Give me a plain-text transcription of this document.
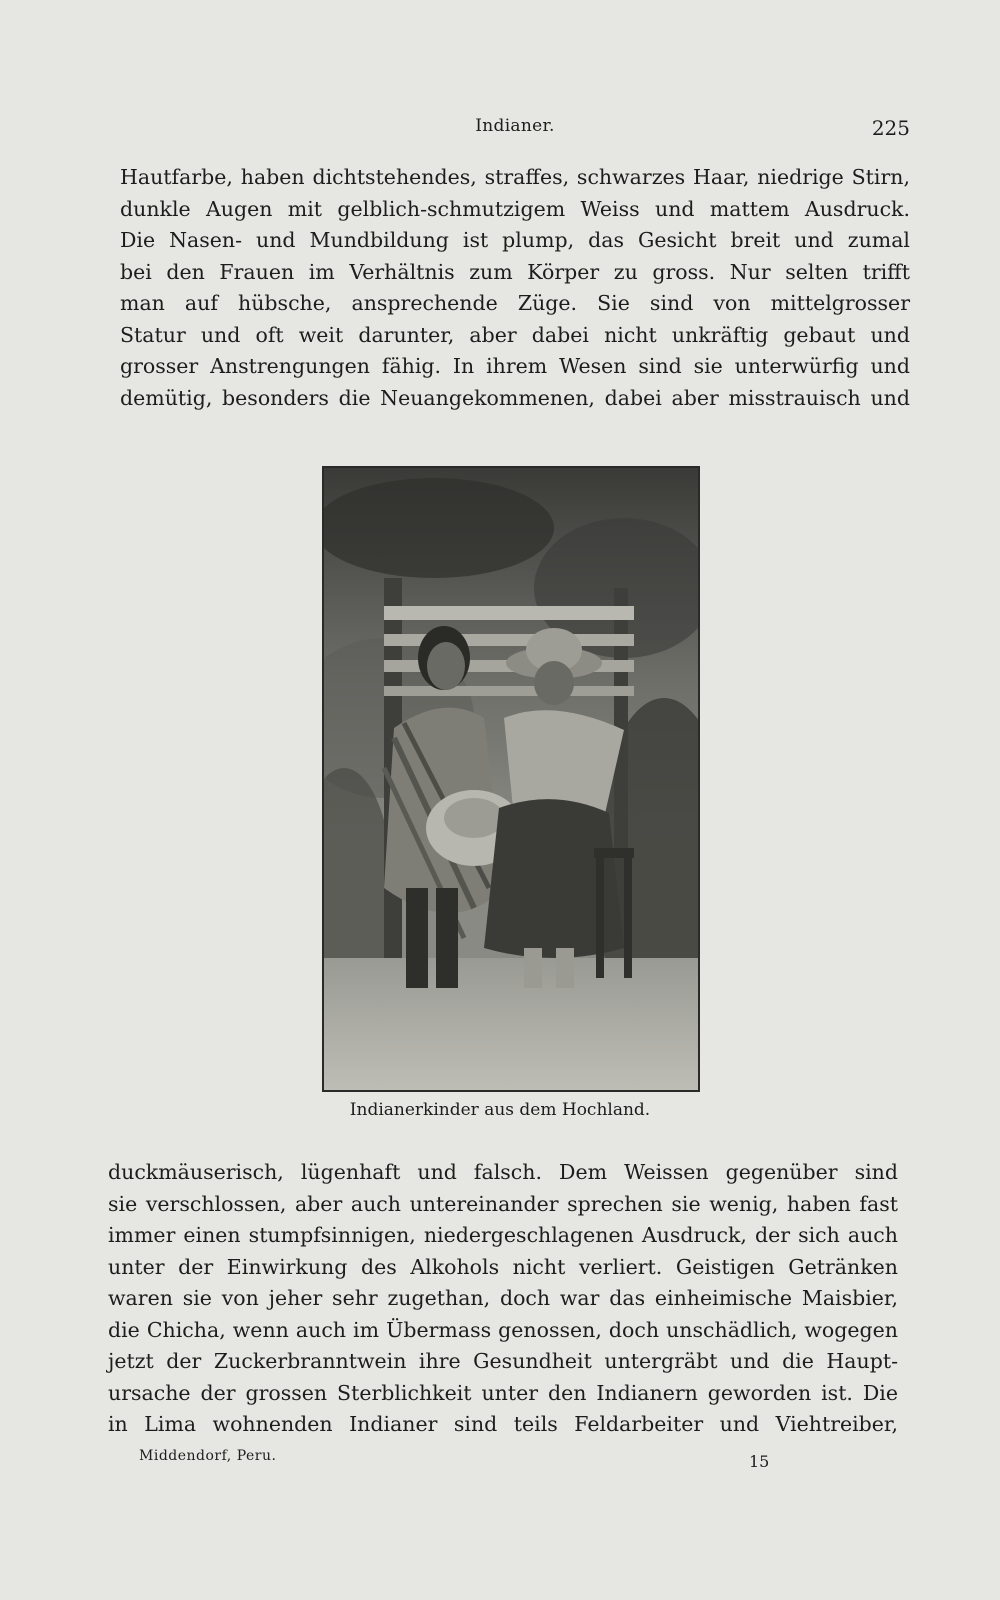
Indianer.	225
Hautfarbe, haben dichtstehendes, straffes, schwarzes Haar, niedrige Stirn,
dunkle Augen mit gelblich-schmutzigem Weiss und mattem Ausdruck.
Die Nasen- und Mundbildung ist plump, das Gesicht breit und zumal
bei den Frauen im Verhältnis zum Körper zu gross. Nur selten trifft
man auf hübsche, ansprechende Züge. Sie sind von mittelgrosser
Statur und oft weit darunter, aber dabei nicht unkräftig gebaut und
grosser Anstrengungen fähig. In ihrem Wesen sind sie unterwürfig und
demütig, besonders die Neuangekommenen, dabei aber misstrauisch und
Indianerkinder aus dem Hochland.
duckmäuserisch, lügenhaft und falsch. Dem Weissen gegenüber sind
sie verschlossen, aber auch untereinander sprechen sie wenig, haben fast
immer einen stumpfsinnigen, niedergeschlagenen Ausdruck, der sich auch
unter der Einwirkung des Alkohols nicht verliert. Geistigen Getränken
waren sie von jeher sehr zugethan, doch war das einheimische Maisbier,
die Chicha, wenn auch im Übermass genossen, doch unschädlich, wogegen
jetzt der Zuckerbranntwein ihre Gesundheit untergräbt und die Haupt-
ursache der grossen Sterblichkeit unter den Indianern geworden ist. Die
in Lima wohnenden Indianer sind teils Feldarbeiter und Viehtreiber,
Middendorf, Peru.	15
